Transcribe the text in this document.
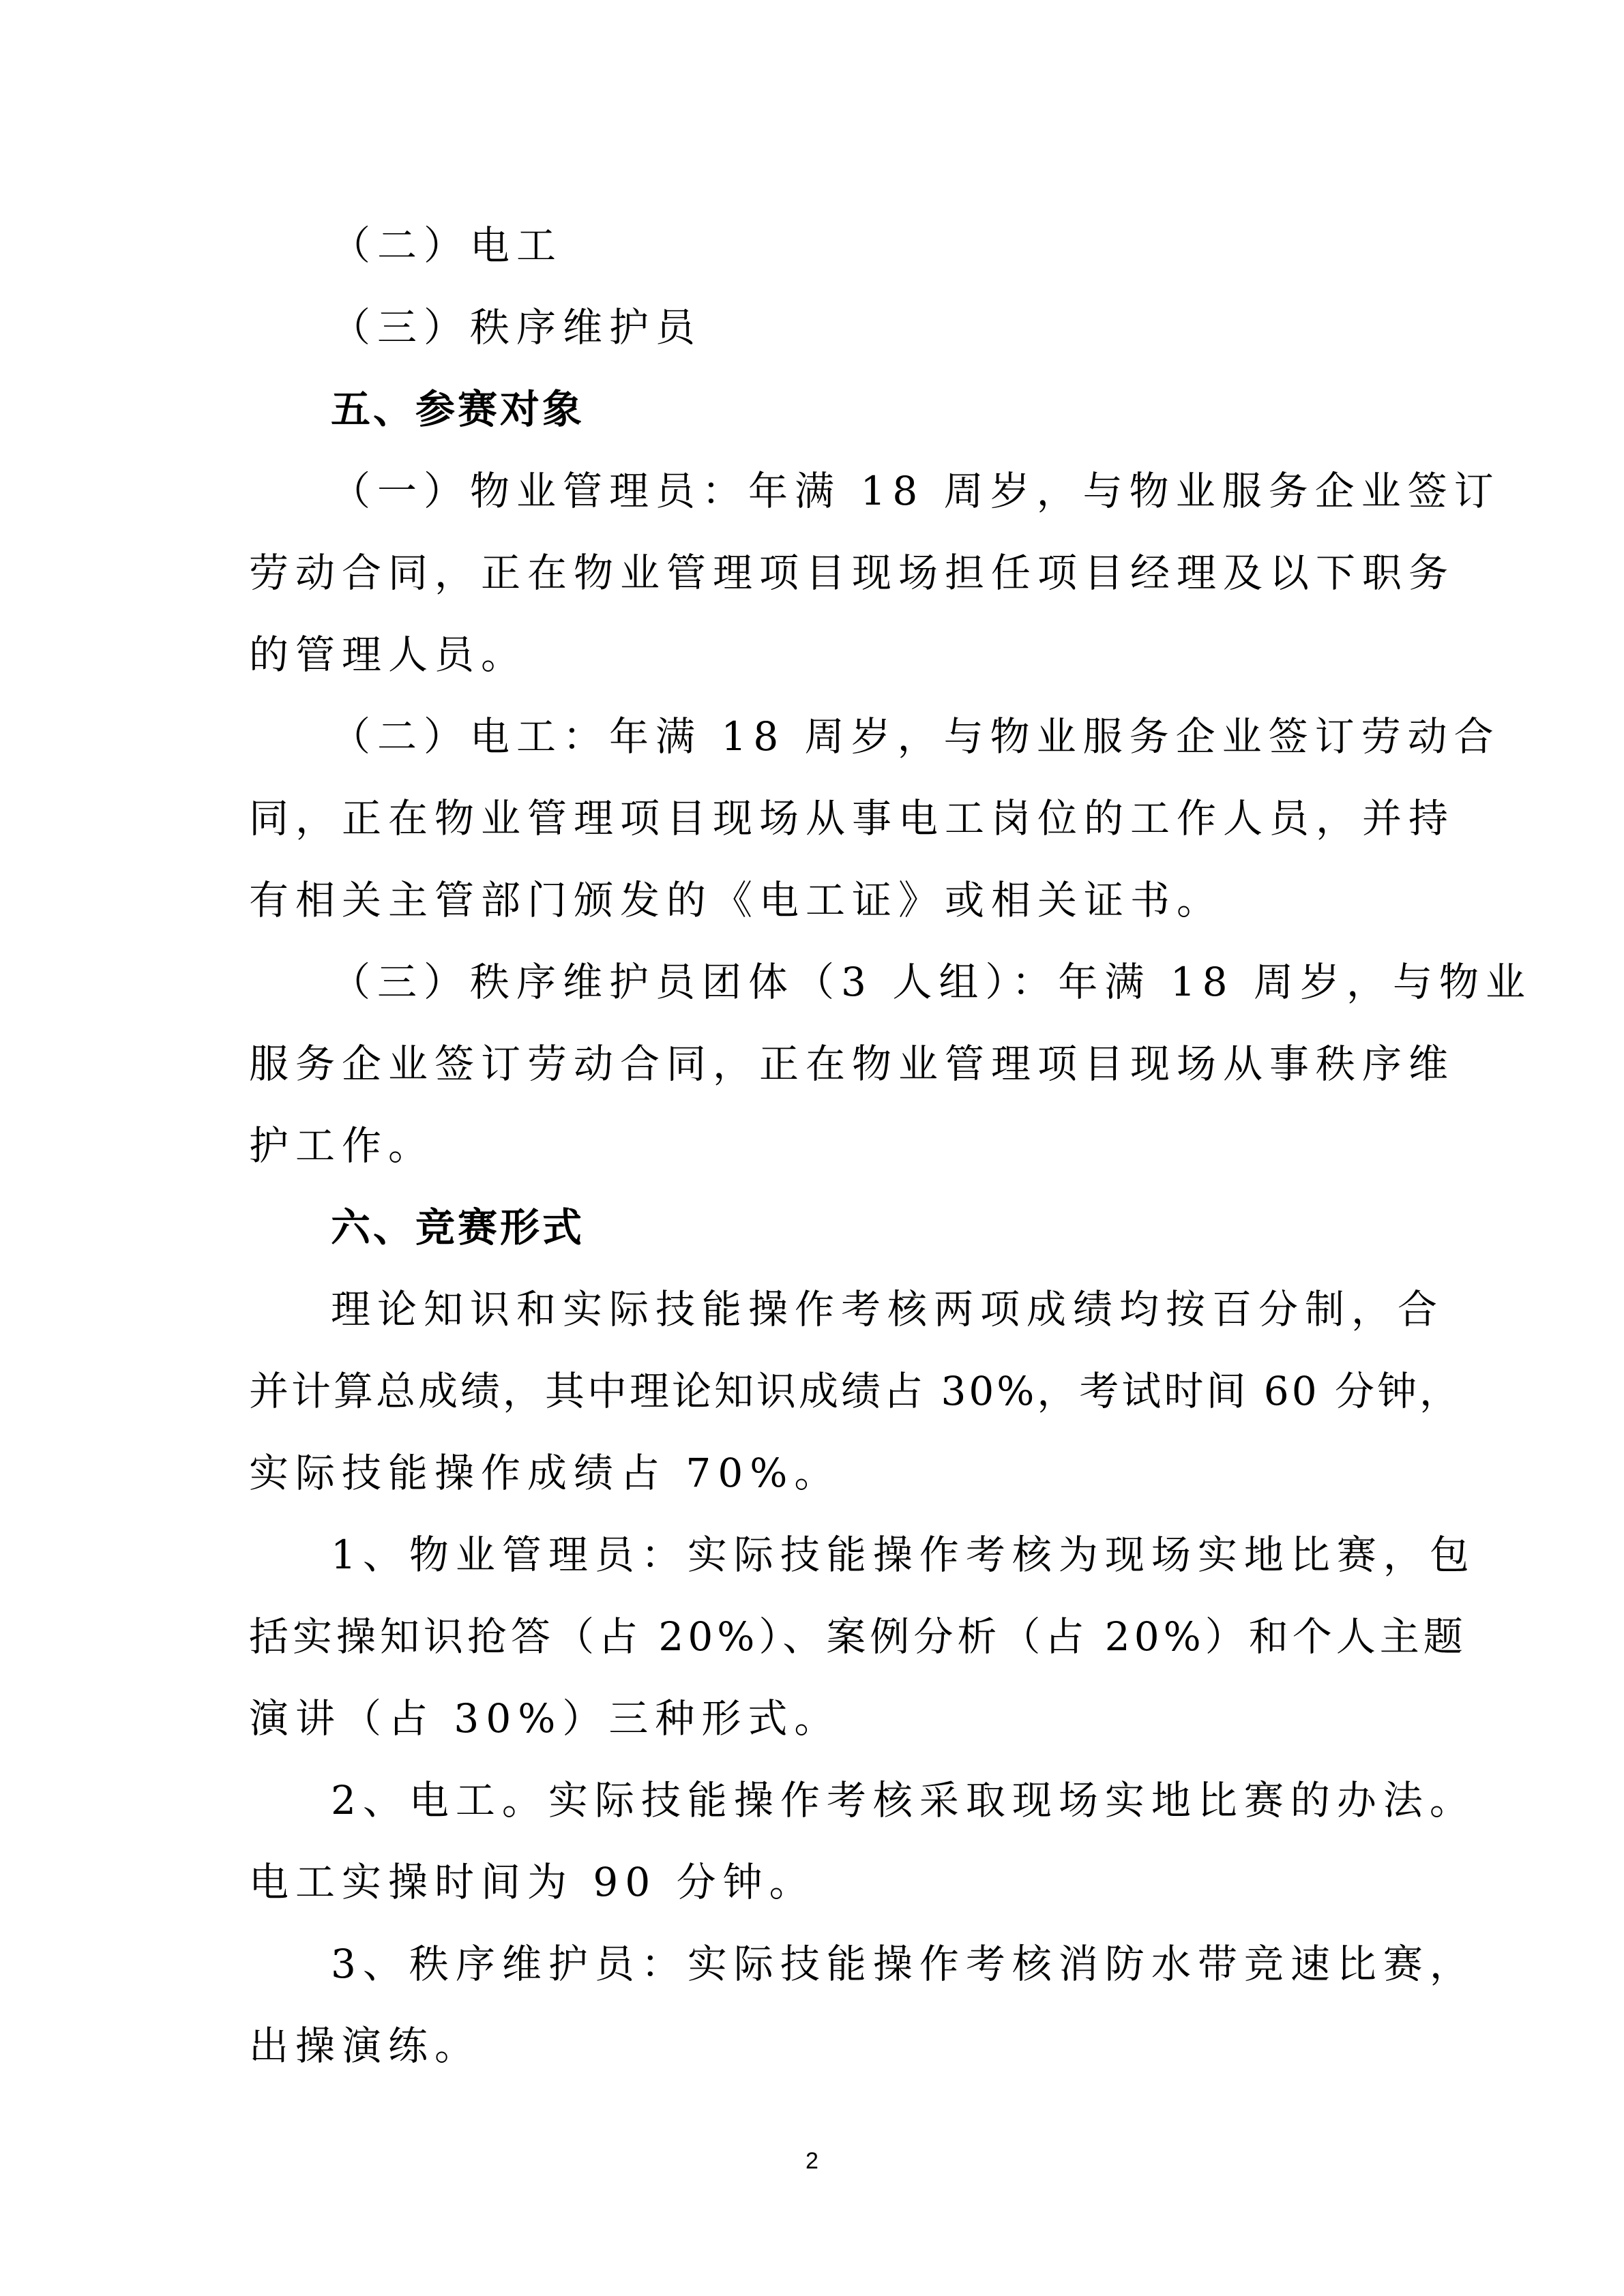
（二）电工

（三）秩序维护员

五、参赛对象

（一）物业管理员：年满 18 周岁，与物业服务企业签订

劳动合同，正在物业管理项目现场担任项目经理及以下职务

的管理人员。

（二）电工：年满 18 周岁，与物业服务企业签订劳动合

同，正在物业管理项目现场从事电工岗位的工作人员，并持

有相关主管部门颁发的《电工证》或相关证书。

（三）秩序维护员团体（3 人组）：年满 18 周岁，与物业

服务企业签订劳动合同，正在物业管理项目现场从事秩序维

护工作。

六、竞赛形式

理论知识和实际技能操作考核两项成绩均按百分制，合

并计算总成绩，其中理论知识成绩占 30%，考试时间 60 分钟，

实际技能操作成绩占 70%。

1、物业管理员：实际技能操作考核为现场实地比赛，包

括实操知识抢答（占 20%）、案例分析（占 20%）和个人主题

演讲（占 30%）三种形式。

2、电工。实际技能操作考核采取现场实地比赛的办法。

电工实操时间为 90 分钟。

3、秩序维护员：实际技能操作考核消防水带竞速比赛，

出操演练。

2
